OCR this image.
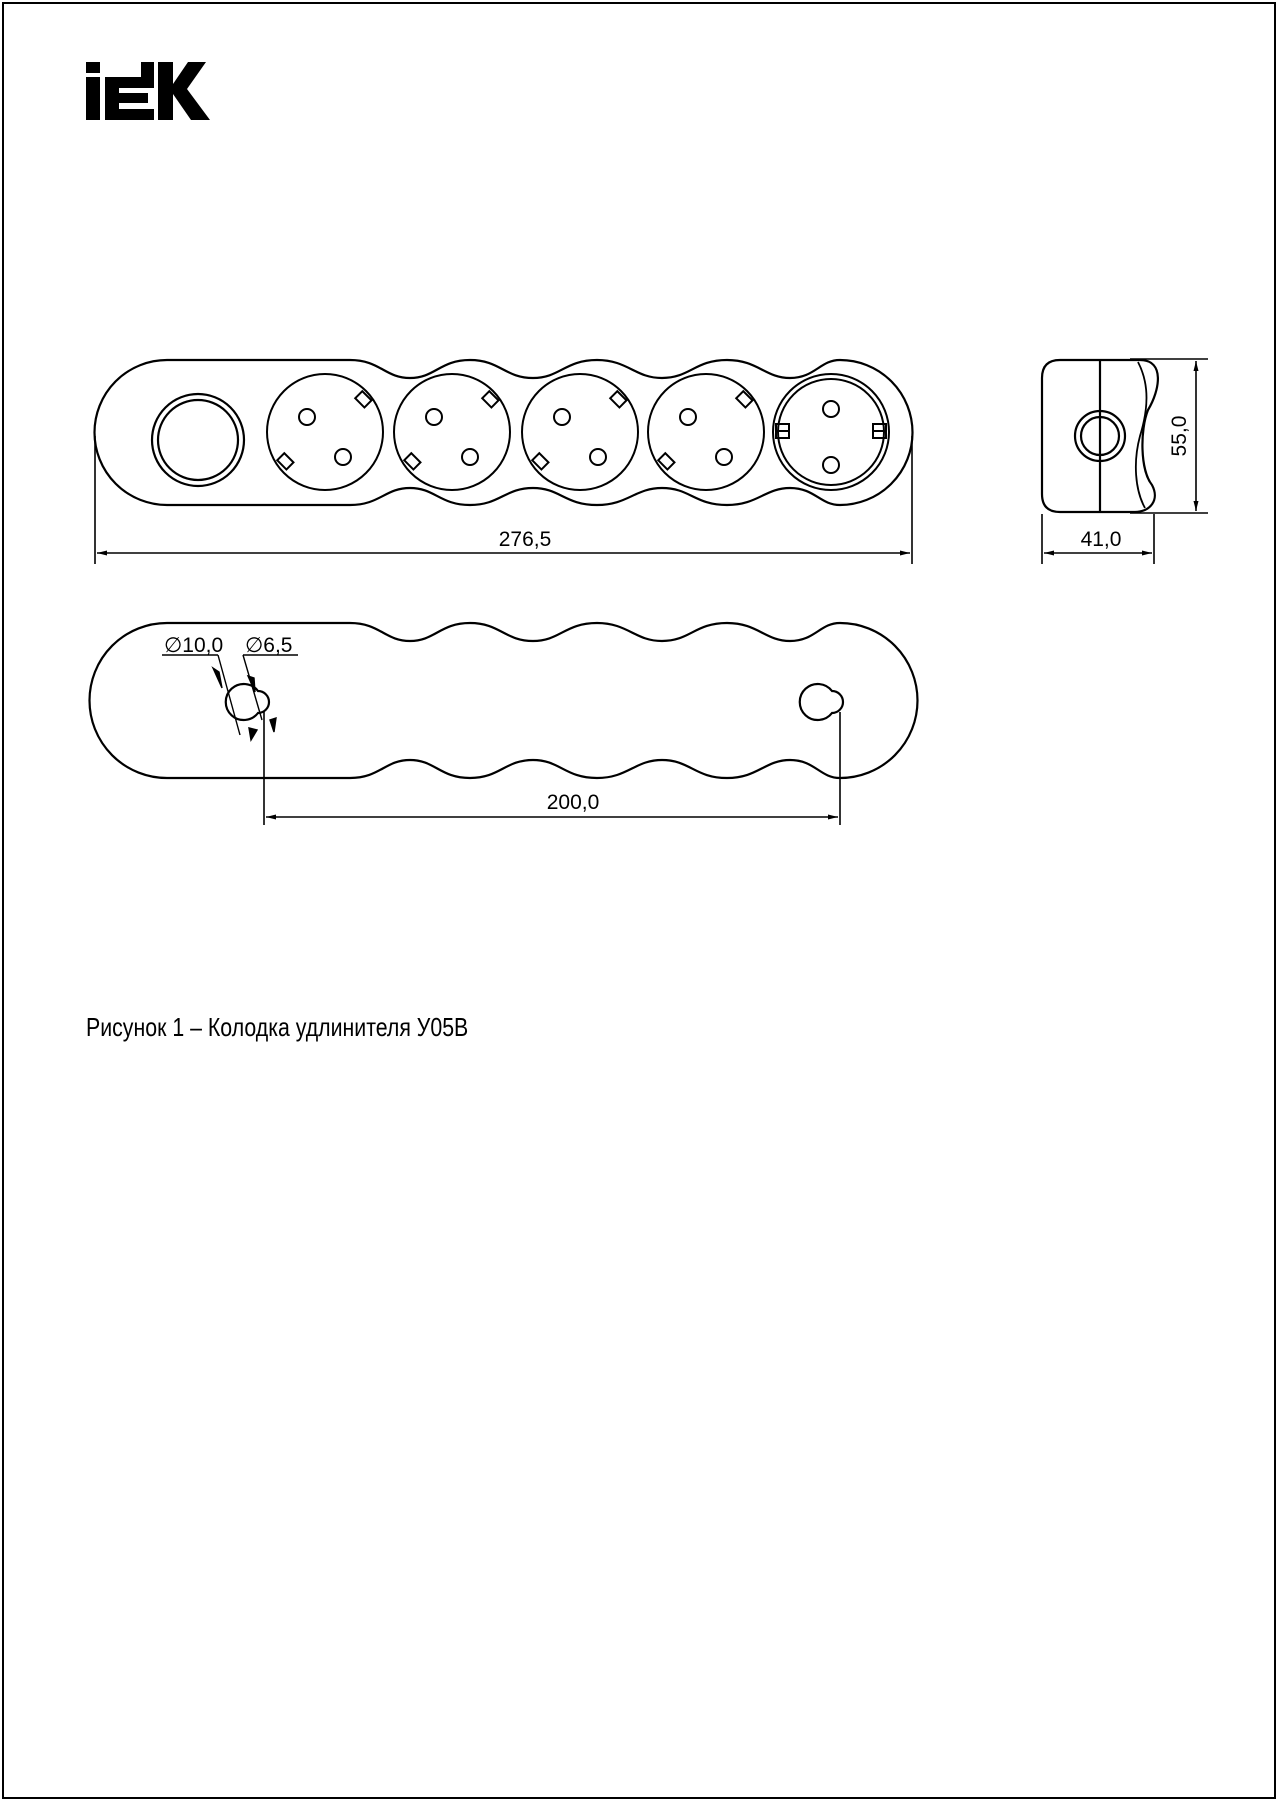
276,5
55,0
41,0
∅10,0 ∅6,5
200,0
Рисунок 1 – Колодка удлинителя У05В
